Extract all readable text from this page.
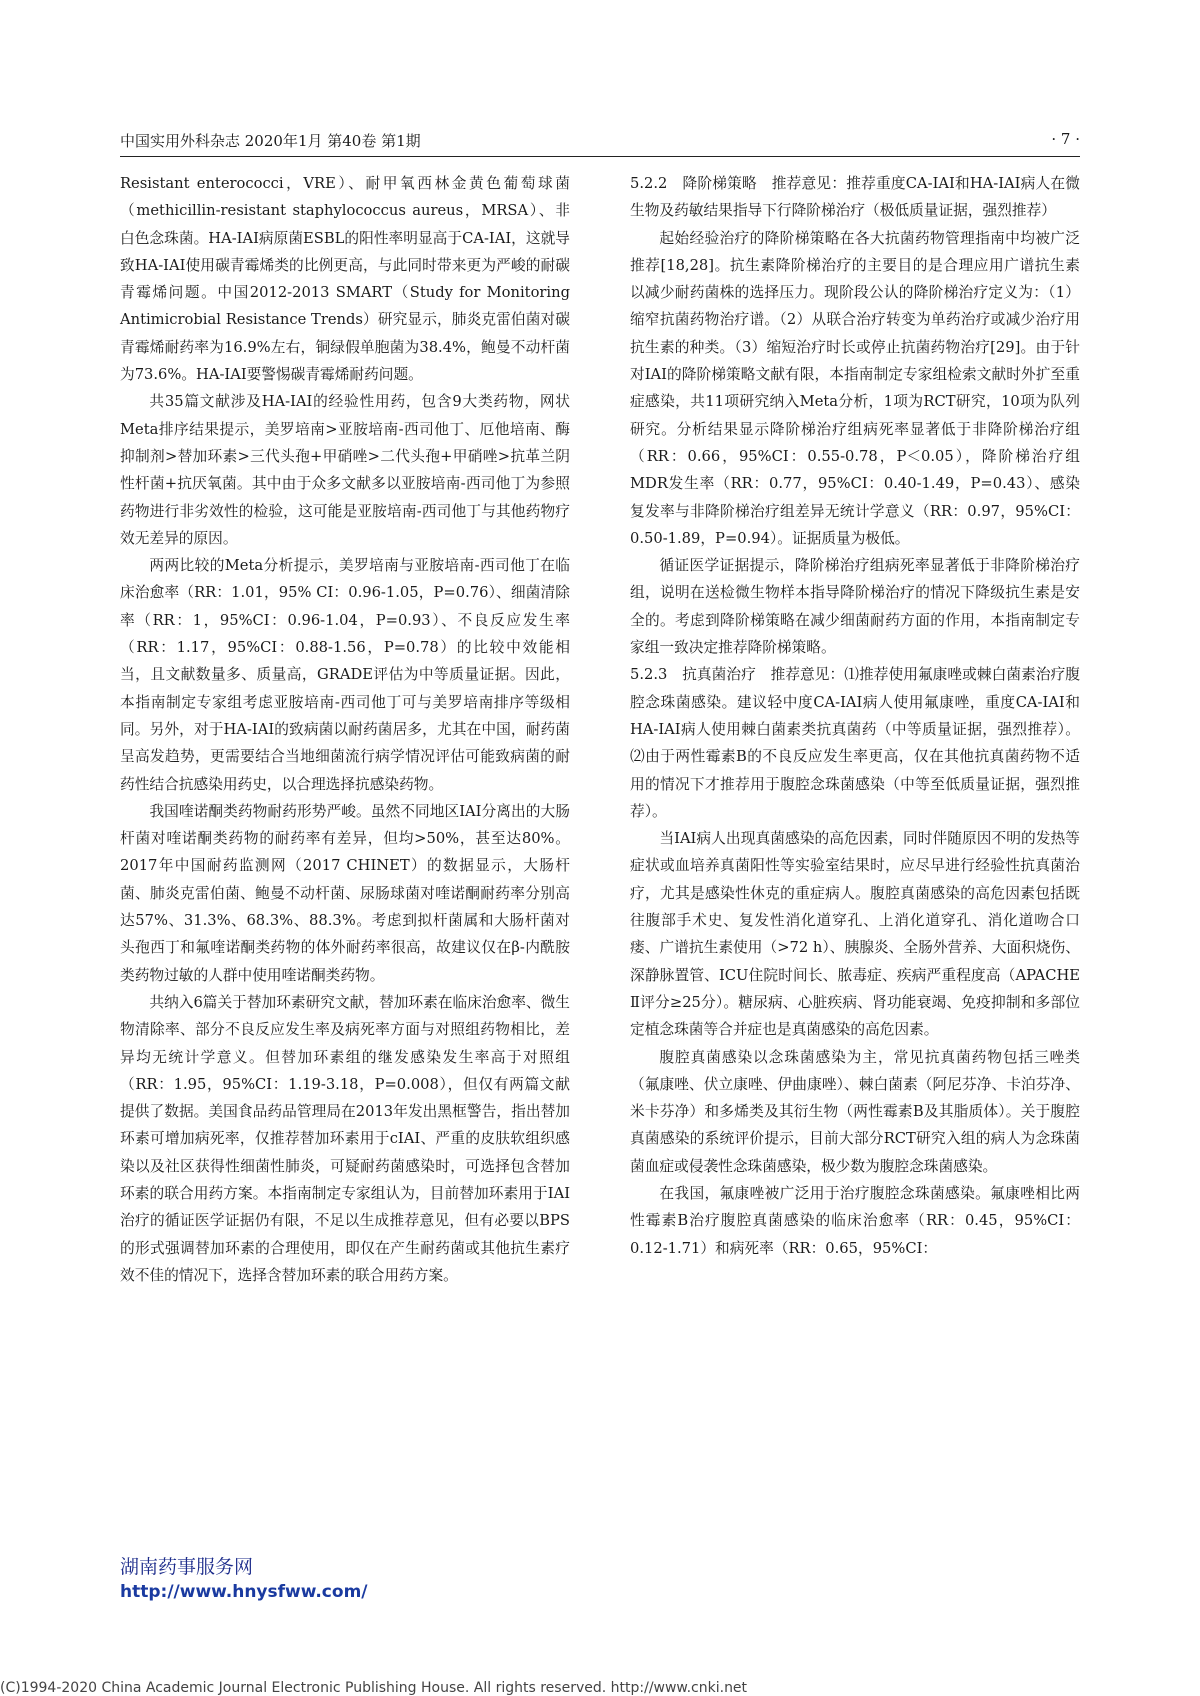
中国实用外科杂志 2020年1月 第40卷 第1期	· 7 ·

Resistant enterococci，VRE）、耐甲氧西林金黄色葡萄球菌（methicillin-resistant staphylococcus aureus，MRSA）、非白色念珠菌。HA-IAI病原菌ESBL的阳性率明显高于CA-IAI，这就导致HA-IAI使用碳青霉烯类的比例更高，与此同时带来更为严峻的耐碳青霉烯问题。中国2012-2013 SMART（Study for Monitoring Antimicrobial Resistance Trends）研究显示，肺炎克雷伯菌对碳青霉烯耐药率为16.9%左右，铜绿假单胞菌为38.4%，鲍曼不动杆菌为73.6%。HA-IAI要警惕碳青霉烯耐药问题。

共35篇文献涉及HA-IAI的经验性用药，包含9大类药物，网状Meta排序结果提示，美罗培南>亚胺培南-西司他丁、厄他培南、酶抑制剂>替加环素>三代头孢+甲硝唑>二代头孢+甲硝唑>抗革兰阴性杆菌+抗厌氧菌。其中由于众多文献多以亚胺培南-西司他丁为参照药物进行非劣效性的检验，这可能是亚胺培南-西司他丁与其他药物疗效无差异的原因。

两两比较的Meta分析提示，美罗培南与亚胺培南-西司他丁在临床治愈率（RR：1.01，95% CI：0.96-1.05，P=0.76）、细菌清除率（RR：1，95%CI：0.96-1.04，P=0.93）、不良反应发生率（RR：1.17，95%CI：0.88-1.56，P=0.78）的比较中效能相当，且文献数量多、质量高，GRADE评估为中等质量证据。因此，本指南制定专家组考虑亚胺培南-西司他丁可与美罗培南排序等级相同。另外，对于HA-IAI的致病菌以耐药菌居多，尤其在中国，耐药菌呈高发趋势，更需要结合当地细菌流行病学情况评估可能致病菌的耐药性结合抗感染用药史，以合理选择抗感染药物。

我国喹诺酮类药物耐药形势严峻。虽然不同地区IAI分离出的大肠杆菌对喹诺酮类药物的耐药率有差异，但均>50%，甚至达80%。2017年中国耐药监测网（2017 CHINET）的数据显示，大肠杆菌、肺炎克雷伯菌、鲍曼不动杆菌、尿肠球菌对喹诺酮耐药率分别高达57%、31.3%、68.3%、88.3%。考虑到拟杆菌属和大肠杆菌对头孢西丁和氟喹诺酮类药物的体外耐药率很高，故建议仅在β-内酰胺类药物过敏的人群中使用喹诺酮类药物。

共纳入6篇关于替加环素研究文献，替加环素在临床治愈率、微生物清除率、部分不良反应发生率及病死率方面与对照组药物相比，差异均无统计学意义。但替加环素组的继发感染发生率高于对照组（RR：1.95，95%CI：1.19-3.18，P=0.008），但仅有两篇文献提供了数据。美国食品药品管理局在2013年发出黑框警告，指出替加环素可增加病死率，仅推荐替加环素用于cIAI、严重的皮肤软组织感染以及社区获得性细菌性肺炎，可疑耐药菌感染时，可选择包含替加环素的联合用药方案。本指南制定专家组认为，目前替加环素用于IAI治疗的循证医学证据仍有限，不足以生成推荐意见，但有必要以BPS的形式强调替加环素的合理使用，即仅在产生耐药菌或其他抗生素疗效不佳的情况下，选择含替加环素的联合用药方案。

5.2.2　降阶梯策略　推荐意见：推荐重度CA-IAI和HA-IAI病人在微生物及药敏结果指导下行降阶梯治疗（极低质量证据，强烈推荐）

起始经验治疗的降阶梯策略在各大抗菌药物管理指南中均被广泛推荐[18,28]。抗生素降阶梯治疗的主要目的是合理应用广谱抗生素以减少耐药菌株的选择压力。现阶段公认的降阶梯治疗定义为：（1）缩窄抗菌药物治疗谱。（2）从联合治疗转变为单药治疗或减少治疗用抗生素的种类。（3）缩短治疗时长或停止抗菌药物治疗[29]。由于针对IAI的降阶梯策略文献有限，本指南制定专家组检索文献时外扩至重症感染，共11项研究纳入Meta分析，1项为RCT研究，10项为队列研究。分析结果显示降阶梯治疗组病死率显著低于非降阶梯治疗组（RR：0.66，95%CI：0.55-0.78，P＜0.05），降阶梯治疗组MDR发生率（RR：0.77，95%CI：0.40-1.49，P=0.43）、感染复发率与非降阶梯治疗组差异无统计学意义（RR：0.97，95%CI：0.50-1.89，P=0.94）。证据质量为极低。

循证医学证据提示，降阶梯治疗组病死率显著低于非降阶梯治疗组，说明在送检微生物样本指导降阶梯治疗的情况下降级抗生素是安全的。考虑到降阶梯策略在减少细菌耐药方面的作用，本指南制定专家组一致决定推荐降阶梯策略。

5.2.3　抗真菌治疗　推荐意见：⑴推荐使用氟康唑或棘白菌素治疗腹腔念珠菌感染。建议轻中度CA-IAI病人使用氟康唑，重度CA-IAI和HA-IAI病人使用棘白菌素类抗真菌药（中等质量证据，强烈推荐）。⑵由于两性霉素B的不良反应发生率更高，仅在其他抗真菌药物不适用的情况下才推荐用于腹腔念珠菌感染（中等至低质量证据，强烈推荐）。

当IAI病人出现真菌感染的高危因素，同时伴随原因不明的发热等症状或血培养真菌阳性等实验室结果时，应尽早进行经验性抗真菌治疗，尤其是感染性休克的重症病人。腹腔真菌感染的高危因素包括既往腹部手术史、复发性消化道穿孔、上消化道穿孔、消化道吻合口瘘、广谱抗生素使用（>72 h）、胰腺炎、全肠外营养、大面积烧伤、深静脉置管、ICU住院时间长、脓毒症、疾病严重程度高（APACHE Ⅱ评分≥25分）。糖尿病、心脏疾病、肾功能衰竭、免疫抑制和多部位定植念珠菌等合并症也是真菌感染的高危因素。

腹腔真菌感染以念珠菌感染为主，常见抗真菌药物包括三唑类（氟康唑、伏立康唑、伊曲康唑）、棘白菌素（阿尼芬净、卡泊芬净、米卡芬净）和多烯类及其衍生物（两性霉素B及其脂质体）。关于腹腔真菌感染的系统评价提示，目前大部分RCT研究入组的病人为念珠菌菌血症或侵袭性念珠菌感染，极少数为腹腔念珠菌感染。

在我国，氟康唑被广泛用于治疗腹腔念珠菌感染。氟康唑相比两性霉素B治疗腹腔真菌感染的临床治愈率（RR：0.45，95%CI：0.12-1.71）和病死率（RR：0.65，95%CI：

湖南药事服务网
http://www.hnysfww.com/
(C)1994-2020 China Academic Journal Electronic Publishing House. All rights reserved. http://www.cnki.net
